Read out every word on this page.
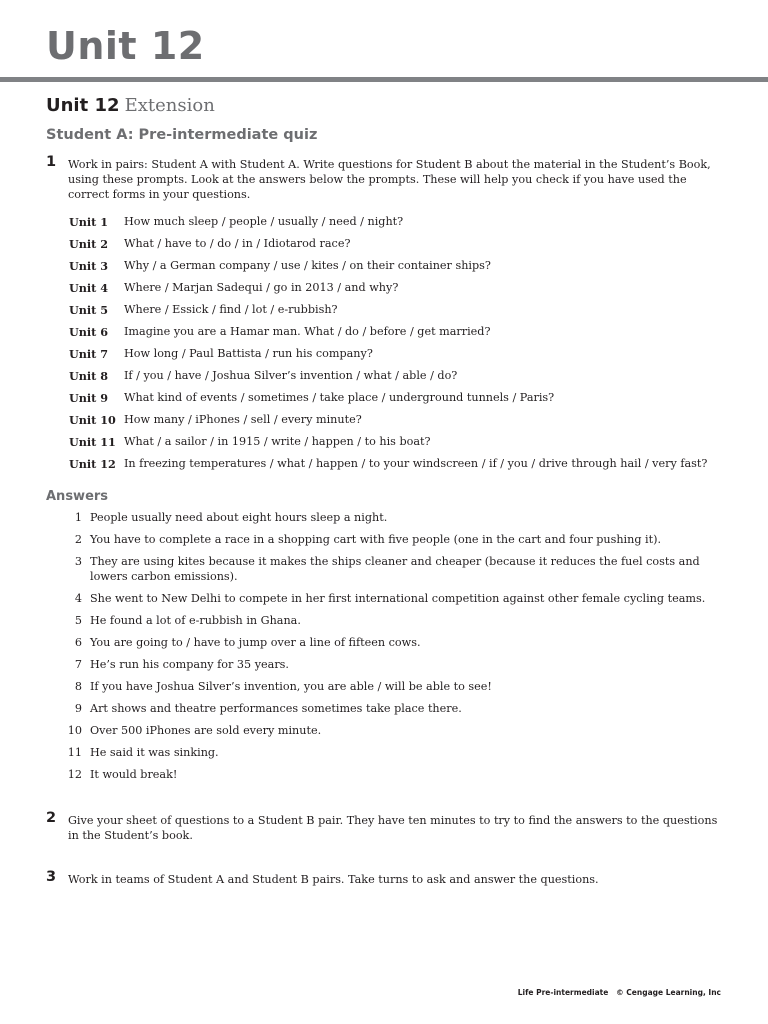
Unit 12
Unit 12 Extension
Student A: Pre-intermediate quiz
1 Work in pairs: Student A with Student A. Write questions for Student B about the material in the Student’s Book, using these prompts. Look at the answers below the prompts. These will help you check if you have used the correct forms in your questions.
Unit 1	How much sleep / people / usually / need / night?
Unit 2	What / have to / do / in / Idiotarod race?
Unit 3	Why / a German company / use / kites / on their container ships?
Unit 4	Where / Marjan Sadequi / go in 2013 / and why?
Unit 5	Where / Essick / find / lot / e-rubbish?
Unit 6	Imagine you are a Hamar man. What / do / before / get married?
Unit 7	How long / Paul Battista / run his company?
Unit 8	If / you / have / Joshua Silver’s invention / what / able / do?
Unit 9	What kind of events / sometimes / take place / underground tunnels / Paris?
Unit 10 How many / iPhones / sell / every minute?
Unit 11 What / a sailor / in 1915 / write / happen / to his boat?
Unit 12 In freezing temperatures / what / happen / to your windscreen / if / you / drive through hail / very fast?
Answers
1 People usually need about eight hours sleep a night.
2 You have to complete a race in a shopping cart with five people (one in the cart and four pushing it).
3 They are using kites because it makes the ships cleaner and cheaper (because it reduces the fuel costs and lowers carbon emissions).
4 She went to New Delhi to compete in her first international competition against other female cycling teams.
5 He found a lot of e-rubbish in Ghana.
6 You are going to / have to jump over a line of fifteen cows.
7 He’s run his company for 35 years.
8 If you have Joshua Silver’s invention, you are able / will be able to see!
9 Art shows and theatre performances sometimes take place there.
10 Over 500 iPhones are sold every minute.
11 He said it was sinking.
12 It would break!
2 Give your sheet of questions to a Student B pair. They have ten minutes to try to find the answers to the questions in the Student’s book.
3 Work in teams of Student A and Student B pairs. Take turns to ask and answer the questions.
Life Pre-intermediate © Cengage Learning, Inc
